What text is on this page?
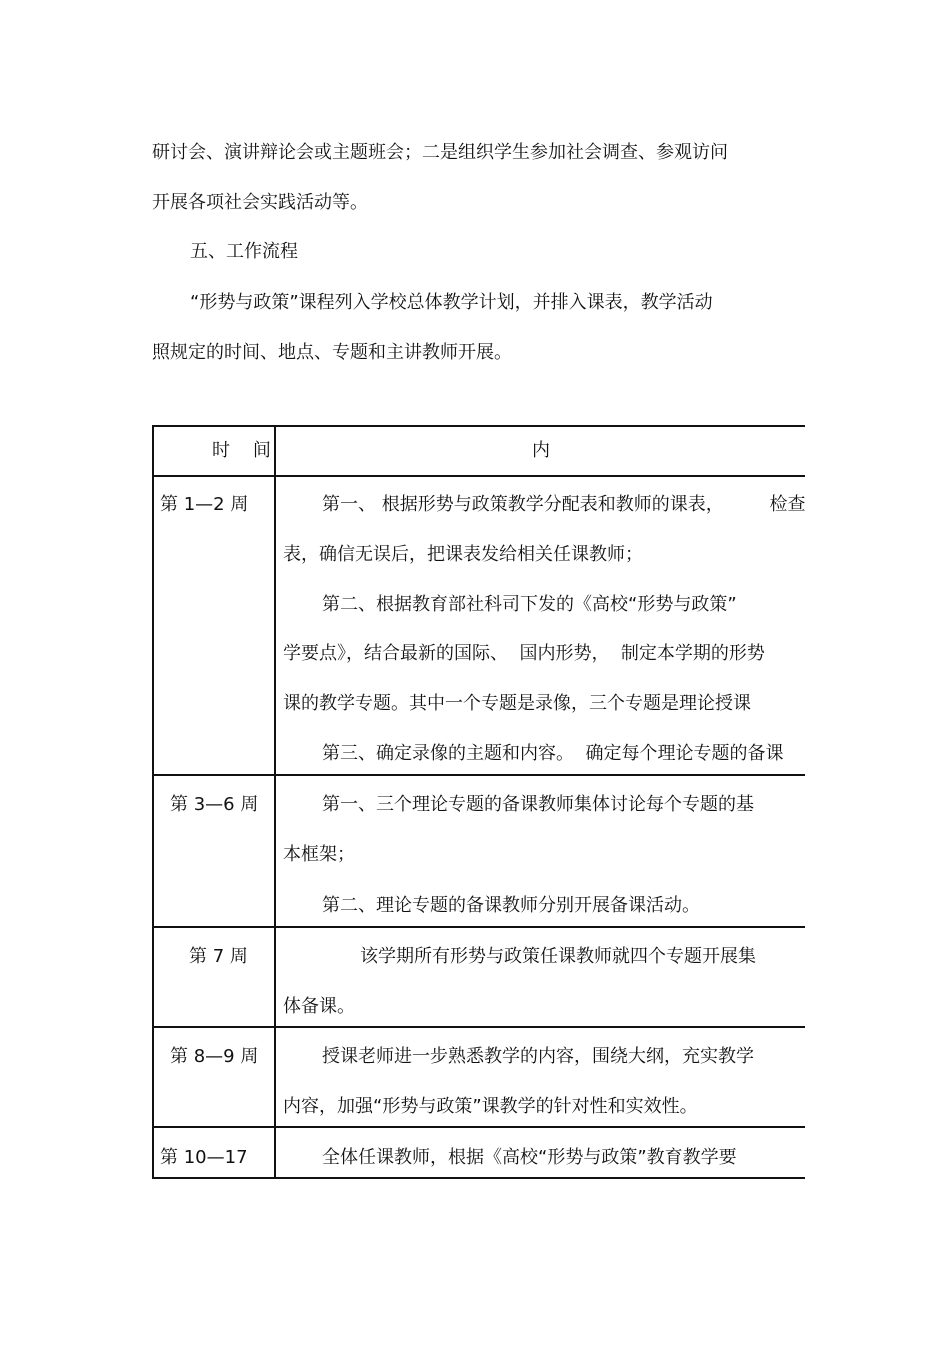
研讨会、演讲辩论会或主题班会；二是组织学生参加社会调查、参观访问
开展各项社会实践活动等。
五、工作流程
“形势与政策”课程列入学校总体教学计划，并排入课表，教学活动
照规定的时间、地点、专题和主讲教师开展。
时    间	内
第 1—2 周	第一、 根据形势与政策教学分配表和教师的课表，        检查
表，确信无误后，把课表发给相关任课教师；
第二、根据教育部社科司下发的《高校“形势与政策”
学要点》，结合最新的国际、  国内形势，  制定本学期的形势
课的教学专题。其中一个专题是录像，三个专题是理论授课
第三、确定录像的主题和内容。  确定每个理论专题的备课
第 3—6 周	第一、三个理论专题的备课教师集体讨论每个专题的基
本框架；
第二、理论专题的备课教师分别开展备课活动。
第 7 周	该学期所有形势与政策任课教师就四个专题开展集
体备课。
第 8—9 周	授课老师进一步熟悉教学的内容，围绕大纲，充实教学
内容，加强“形势与政策”课教学的针对性和实效性。
第 10—17	全体任课教师，根据《高校“形势与政策”教育教学要
